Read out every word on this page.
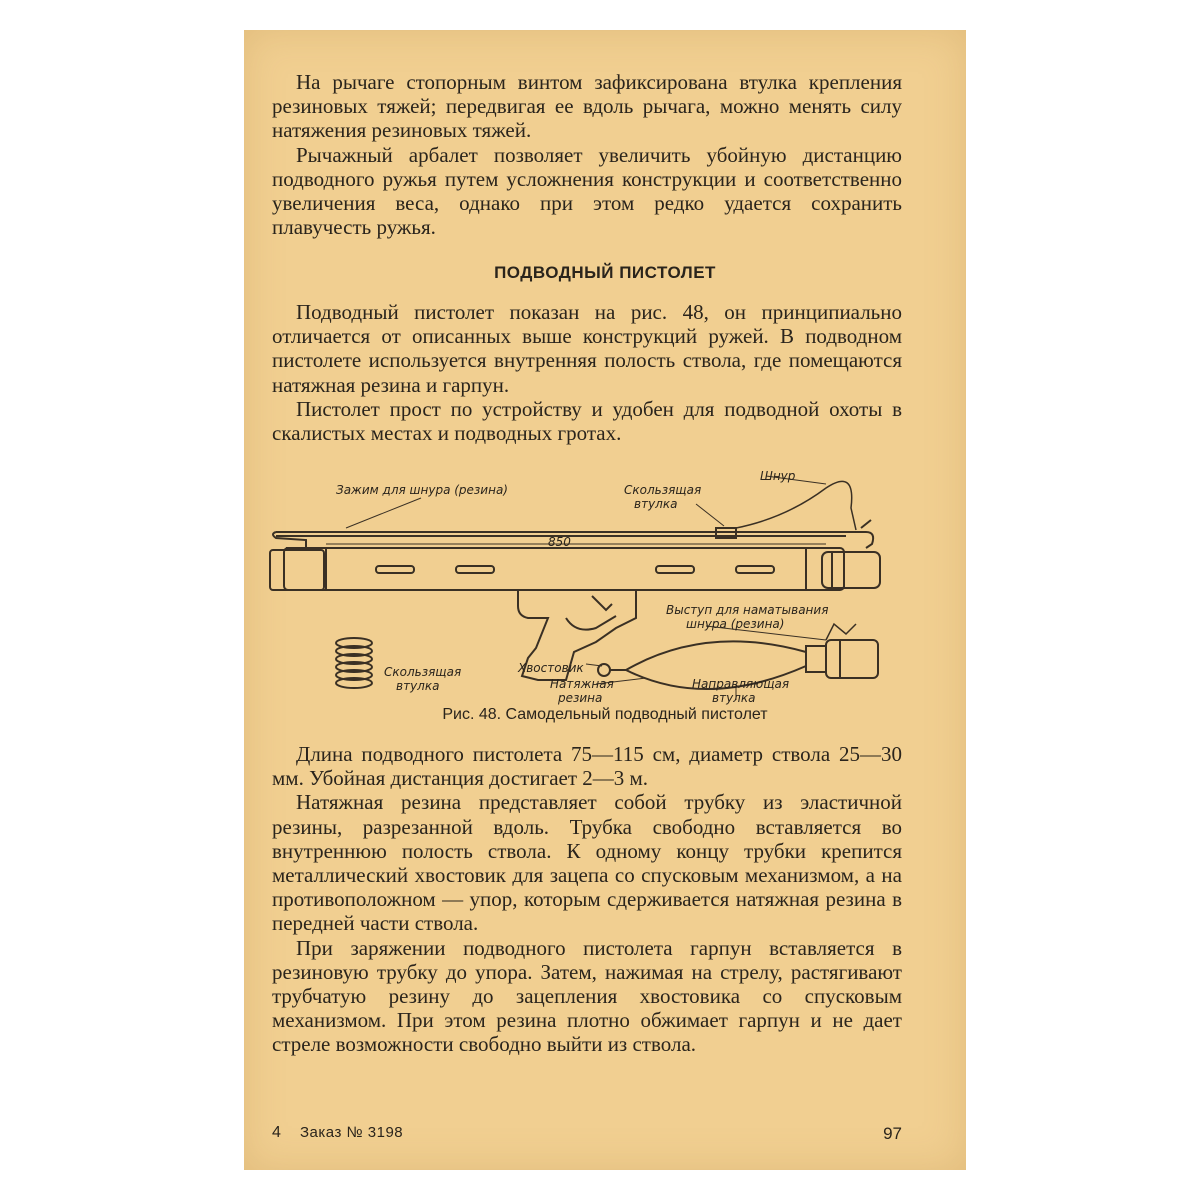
На рычаге стопорным винтом зафиксирована втулка крепления резиновых тяжей; передвигая ее вдоль рычага, можно менять силу натяжения резиновых тяжей.

Рычажный арбалет позволяет увеличить убойную дистанцию подводного ружья путем усложнения конструкции и соответственно увеличения веса, однако при этом редко удается сохранить плавучесть ружья.

ПОДВОДНЫЙ ПИСТОЛЕТ

Подводный пистолет показан на рис. 48, он принципиально отличается от описанных выше конструкций ружей. В подводном пистолете используется внутренняя полость ствола, где помещаются натяжная резина и гарпун.

Пистолет прост по устройству и удобен для подводной охоты в скалистых местах и подводных гротах.

Зажим для шнура (резина)	Скользящая
втулка
Шнур
850
Выступ для наматывания
шнура (резина)
Скользящая
втулка
Хвостовик
Натяжная
резина
Направляющая
втулка
Рис. 48. Самодельный подводный пистолет

Длина подводного пистолета 75—115 см, диаметр ствола 25—30 мм. Убойная дистанция достигает 2—3 м.

Натяжная резина представляет собой трубку из эластичной резины, разрезанной вдоль. Трубка свободно вставляется во внутреннюю полость ствола. К одному концу трубки крепится металлический хвостовик для зацепа со спусковым механизмом, а на противоположном — упор, которым сдерживается натяжная резина в передней части ствола.

При заряжении подводного пистолета гарпун вставляется в резиновую трубку до упора. Затем, нажимая на стрелу, растягивают трубчатую резину до зацепления хвостовика со спусковым механизмом. При этом резина плотно обжимает гарпун и не дает стреле возможности свободно выйти из ствола.

4 Заказ № 3198	97
